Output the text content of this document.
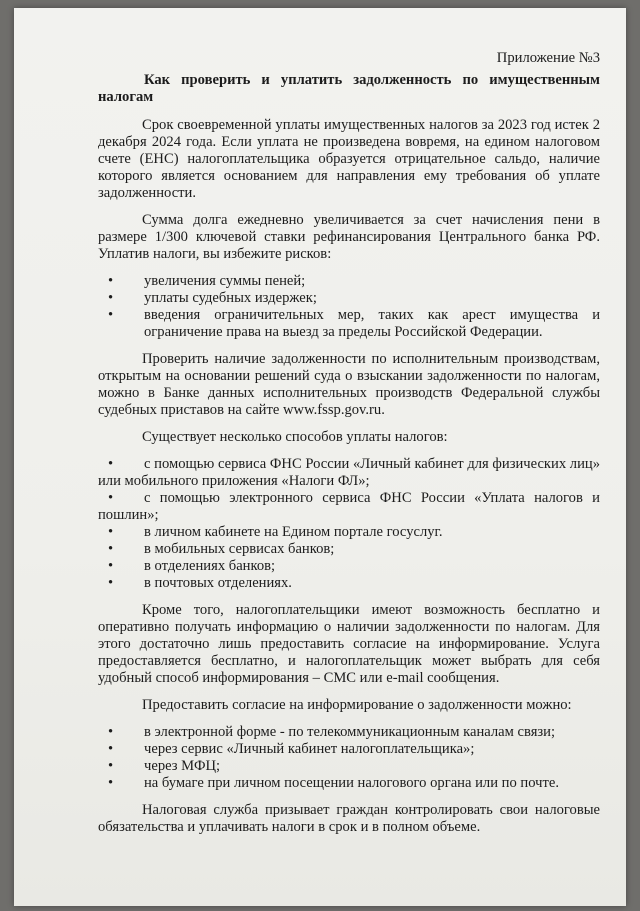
Приложение №3
Как проверить и уплатить задолженность по имущественным налогам

Срок своевременной уплаты имущественных налогов за 2023 год истек 2 декабря 2024 года. Если уплата не произведена вовремя, на едином налоговом счете (ЕНС) налогоплательщика образуется отрицательное сальдо, наличие которого является основанием для направления ему требования об уплате задолженности.

Сумма долга ежедневно увеличивается за счет начисления пени в размере 1/300 ключевой ставки рефинансирования Центрального банка РФ. Уплатив налоги, вы избежите рисков:

• увеличения суммы пеней;
• уплаты судебных издержек;
• введения ограничительных мер, таких как арест имущества и ограничение права на выезд за пределы Российской Федерации.

Проверить наличие задолженности по исполнительным производствам, открытым на основании решений суда о взыскании задолженности по налогам, можно в Банке данных исполнительных производств Федеральной службы судебных приставов на сайте www.fssp.gov.ru.

Существует несколько способов уплаты налогов:

• с помощью сервиса ФНС России «Личный кабинет для физических лиц» или мобильного приложения «Налоги ФЛ»;
• с помощью электронного сервиса ФНС России «Уплата налогов и пошлин»;
• в личном кабинете на Едином портале госуслуг.
• в мобильных сервисах банков;
• в отделениях банков;
• в почтовых отделениях.

Кроме того, налогоплательщики имеют возможность бесплатно и оперативно получать информацию о наличии задолженности по налогам. Для этого достаточно лишь предоставить согласие на информирование. Услуга предоставляется бесплатно, и налогоплательщик может выбрать для себя удобный способ информирования – СМС или e-mail сообщения.

Предоставить согласие на информирование о задолженности можно:

• в электронной форме - по телекоммуникационным каналам связи;
• через сервис «Личный кабинет налогоплательщика»;
• через МФЦ;
• на бумаге при личном посещении налогового органа или по почте.

Налоговая служба призывает граждан контролировать свои налоговые обязательства и уплачивать налоги в срок и в полном объеме.
